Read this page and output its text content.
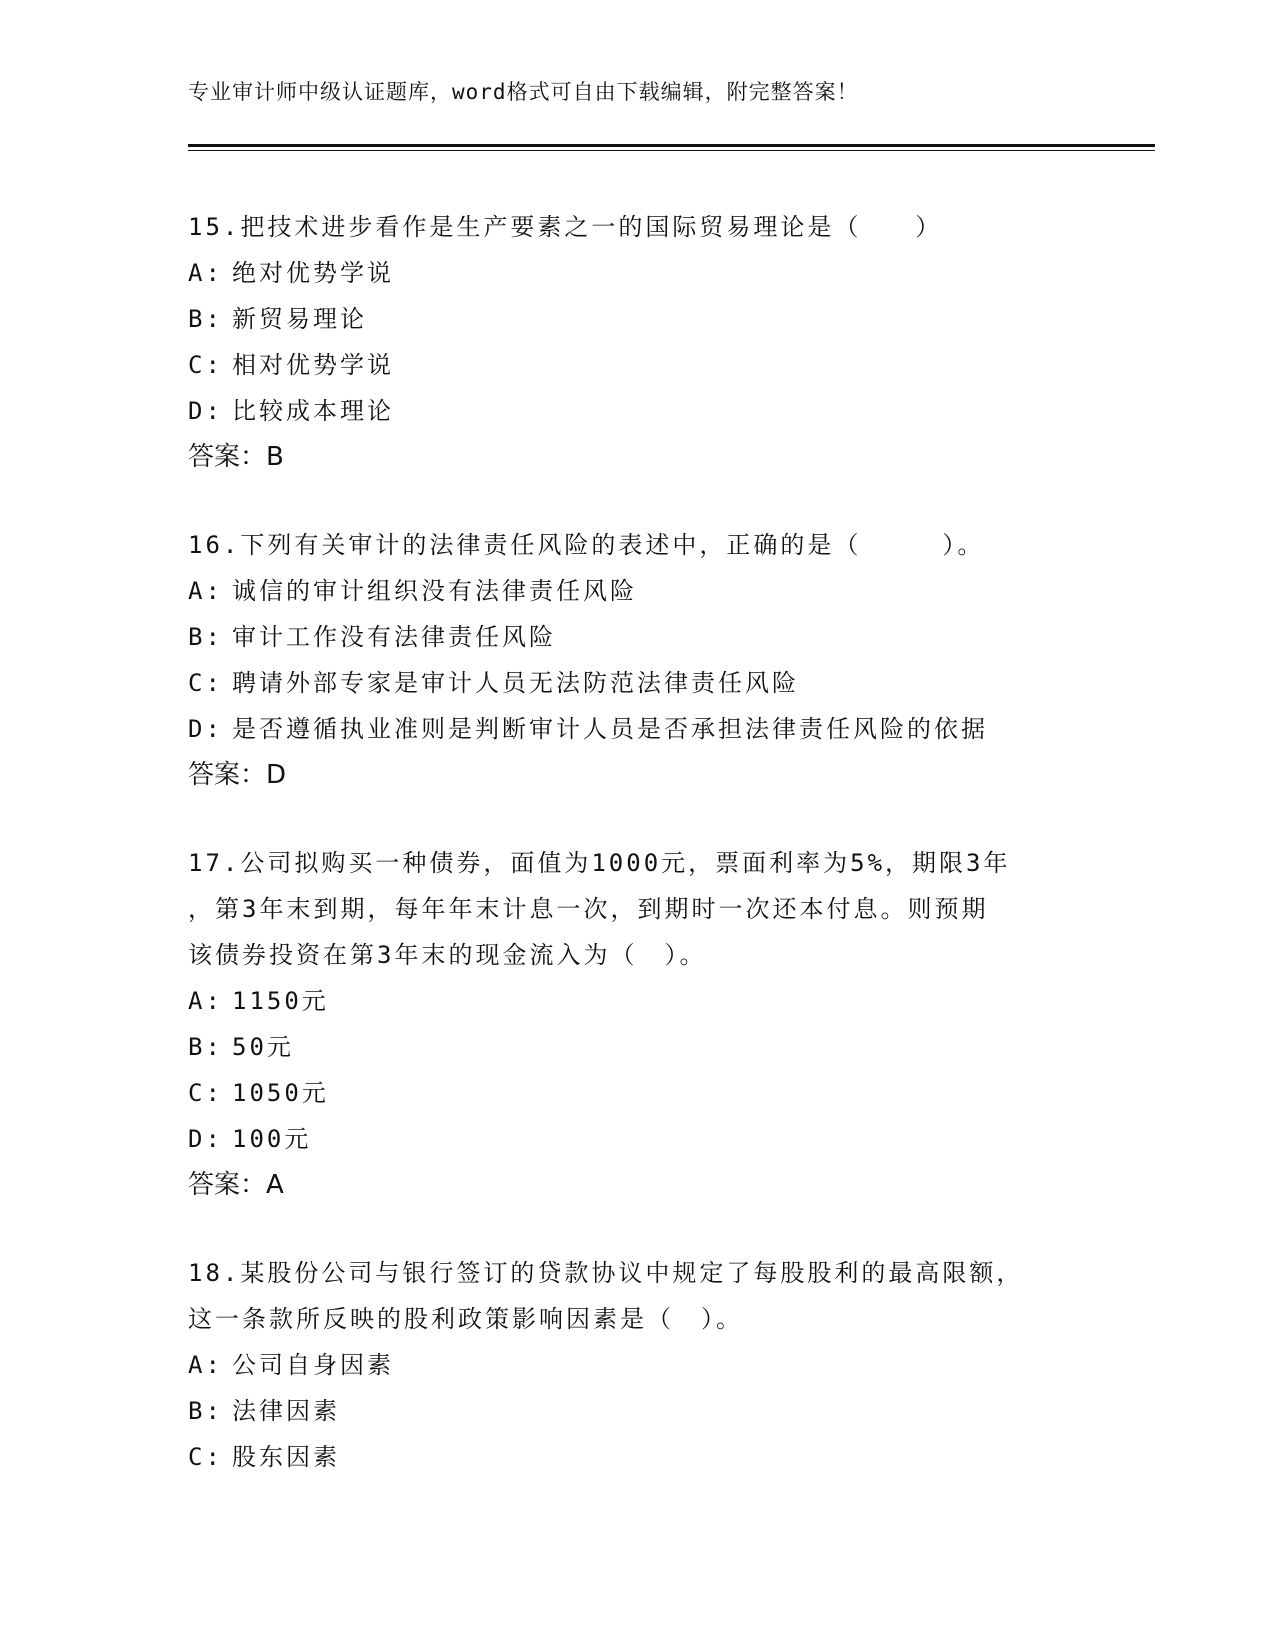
专业审计师中级认证题库，word格式可自由下载编辑，附完整答案！
15.把技术进步看作是生产要素之一的国际贸易理论是（　　）
A: 绝对优势学说
B: 新贸易理论
C: 相对优势学说
D: 比较成本理论
答案：B
16.下列有关审计的法律责任风险的表述中，正确的是（　　　）。
A: 诚信的审计组织没有法律责任风险
B: 审计工作没有法律责任风险
C: 聘请外部专家是审计人员无法防范法律责任风险
D: 是否遵循执业准则是判断审计人员是否承担法律责任风险的依据
答案：D
17.公司拟购买一种债券，面值为1000元，票面利率为5%，期限3年
，第3年末到期，每年年末计息一次，到期时一次还本付息。则预期
该债券投资在第3年末的现金流入为（　）。
A: 1150元
B: 50元
C: 1050元
D: 100元
答案：A
18.某股份公司与银行签订的贷款协议中规定了每股股利的最高限额，
这一条款所反映的股利政策影响因素是（　）。
A: 公司自身因素
B: 法律因素
C: 股东因素
